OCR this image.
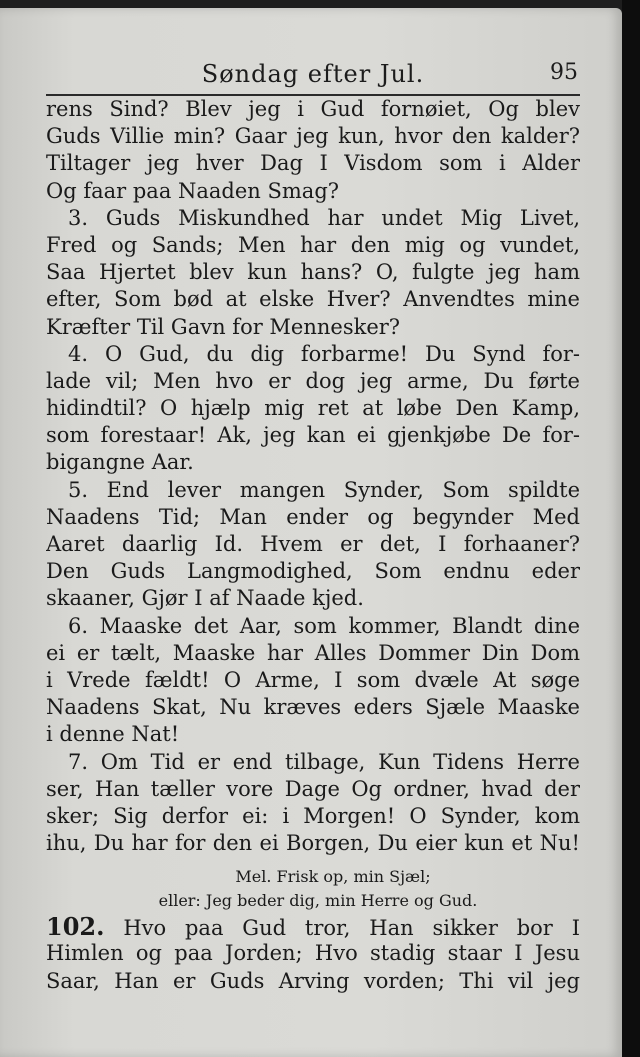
Søndag efter Jul.	95
rens Sind? Blev jeg i Gud fornøiet, Og blev
Guds Villie min? Gaar jeg kun, hvor den kalder?
Tiltager jeg hver Dag I Visdom som i Alder
Og faar paa Naaden Smag?
3. Guds Miskundhed har undet Mig Livet,
Fred og Sands; Men har den mig og vundet,
Saa Hjertet blev kun hans? O, fulgte jeg ham
efter, Som bød at elske Hver? Anvendtes mine
Kræfter Til Gavn for Mennesker?
4. O Gud, du dig forbarme! Du Synd for-
lade vil; Men hvo er dog jeg arme, Du førte
hidindtil? O hjælp mig ret at løbe Den Kamp,
som forestaar! Ak, jeg kan ei gjenkjøbe De for-
bigangne Aar.
5. End lever mangen Synder, Som spildte
Naadens Tid; Man ender og begynder Med
Aaret daarlig Id. Hvem er det, I forhaaner?
Den Guds Langmodighed, Som endnu eder
skaaner, Gjør I af Naade kjed.
6. Maaske det Aar, som kommer, Blandt dine
ei er tælt, Maaske har Alles Dommer Din Dom
i Vrede fældt! O Arme, I som dvæle At søge
Naadens Skat, Nu kræves eders Sjæle Maaske
i denne Nat!
7. Om Tid er end tilbage, Kun Tidens Herre
ser, Han tæller vore Dage Og ordner, hvad der
sker; Sig derfor ei: i Morgen! O Synder, kom
ihu, Du har for den ei Borgen, Du eier kun et Nu!
Mel. Frisk op, min Sjæl;
eller: Jeg beder dig, min Herre og Gud.
102. Hvo paa Gud tror, Han sikker bor I
Himlen og paa Jorden; Hvo stadig staar I Jesu
Saar, Han er Guds Arving vorden; Thi vil jeg
